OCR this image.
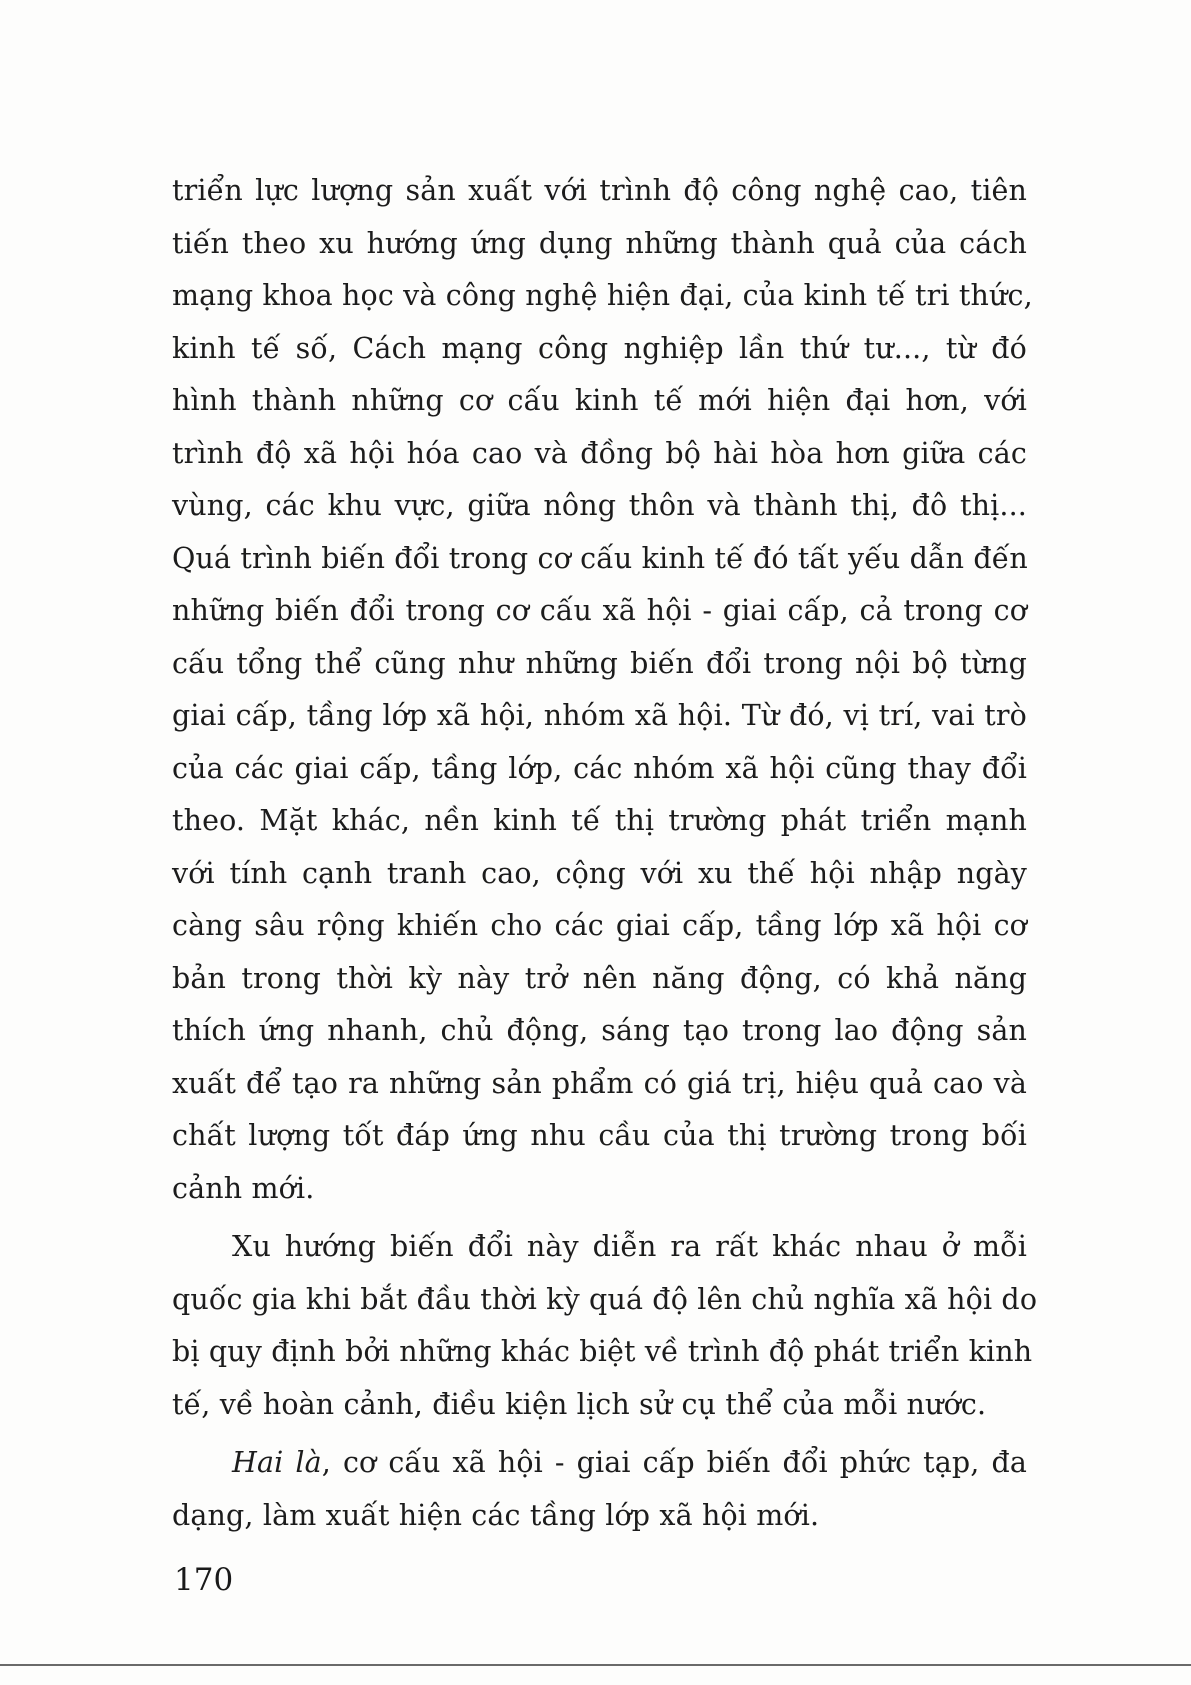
triển lực lượng sản xuất với trình độ công nghệ cao, tiên
tiến theo xu hướng ứng dụng những thành quả của cách
mạng khoa học và công nghệ hiện đại, của kinh tế tri thức,
kinh tế số, Cách mạng công nghiệp lần thứ tư..., từ đó
hình thành những cơ cấu kinh tế mới hiện đại hơn, với
trình độ xã hội hóa cao và đồng bộ hài hòa hơn giữa các
vùng, các khu vực, giữa nông thôn và thành thị, đô thị...
Quá trình biến đổi trong cơ cấu kinh tế đó tất yếu dẫn đến
những biến đổi trong cơ cấu xã hội - giai cấp, cả trong cơ
cấu tổng thể cũng như những biến đổi trong nội bộ từng
giai cấp, tầng lớp xã hội, nhóm xã hội. Từ đó, vị trí, vai trò
của các giai cấp, tầng lớp, các nhóm xã hội cũng thay đổi
theo. Mặt khác, nền kinh tế thị trường phát triển mạnh
với tính cạnh tranh cao, cộng với xu thế hội nhập ngày
càng sâu rộng khiến cho các giai cấp, tầng lớp xã hội cơ
bản trong thời kỳ này trở nên năng động, có khả năng
thích ứng nhanh, chủ động, sáng tạo trong lao động sản
xuất để tạo ra những sản phẩm có giá trị, hiệu quả cao và
chất lượng tốt đáp ứng nhu cầu của thị trường trong bối
cảnh mới.
Xu hướng biến đổi này diễn ra rất khác nhau ở mỗi
quốc gia khi bắt đầu thời kỳ quá độ lên chủ nghĩa xã hội do
bị quy định bởi những khác biệt về trình độ phát triển kinh
tế, về hoàn cảnh, điều kiện lịch sử cụ thể của mỗi nước.
Hai là, cơ cấu xã hội - giai cấp biến đổi phức tạp, đa
dạng, làm xuất hiện các tầng lớp xã hội mới.
170
